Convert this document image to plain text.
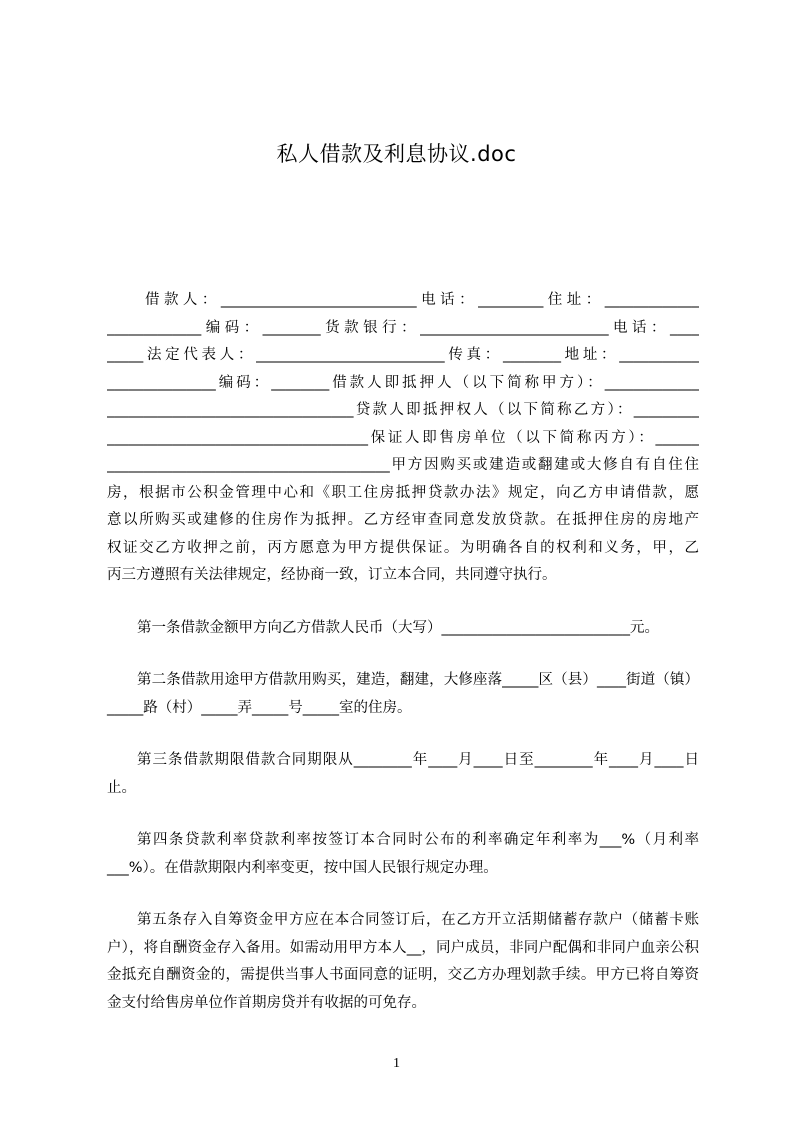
私人借款及利息协议.doc
　　借款人：___________________________电话：_________住址：_____________
_____________编码：________货款银行：__________________________电话：____
_____法定代表人：__________________________传真：________地址：___________
_______________编码：________借款人即抵押人（以下简称甲方）：_____________
__________________________________贷款人即抵押权人（以下简称乙方）：_________
____________________________________保证人即售房单位（以下简称丙方）：______
_______________________________________甲方因购买或建造或翻建或大修自有自住住
房，根据市公积金管理中心和《职工住房抵押贷款办法》规定，向乙方申请借款，愿
意以所购买或建修的住房作为抵押。乙方经审查同意发放贷款。在抵押住房的房地产
权证交乙方收押之前，丙方愿意为甲方提供保证。为明确各自的权利和义务，甲，乙
丙三方遵照有关法律规定，经协商一致，订立本合同，共同遵守执行。

第一条借款金额甲方向乙方借款人民币（大写）__________________________元。

第二条借款用途甲方借款用购买，建造，翻建，大修座落_____区（县）____街道（镇）_____路（村）_____弄_____号_____室的住房。

第三条借款期限借款合同期限从________年____月____日至________年____月____日止。

第四条贷款利率贷款利率按签订本合同时公布的利率确定年利率为___%（月利率___%）。在借款期限内利率变更，按中国人民银行规定办理。

第五条存入自筹资金甲方应在本合同签订后，在乙方开立活期储蓄存款户（储蓄卡账户），将自酬资金存入备用。如需动用甲方本人__，同户成员，非同户配偶和非同户血亲公积金抵充自酬资金的，需提供当事人书面同意的证明，交乙方办理划款手续。甲方已将自筹资金支付给售房单位作首期房贷并有收据的可免存。

1
